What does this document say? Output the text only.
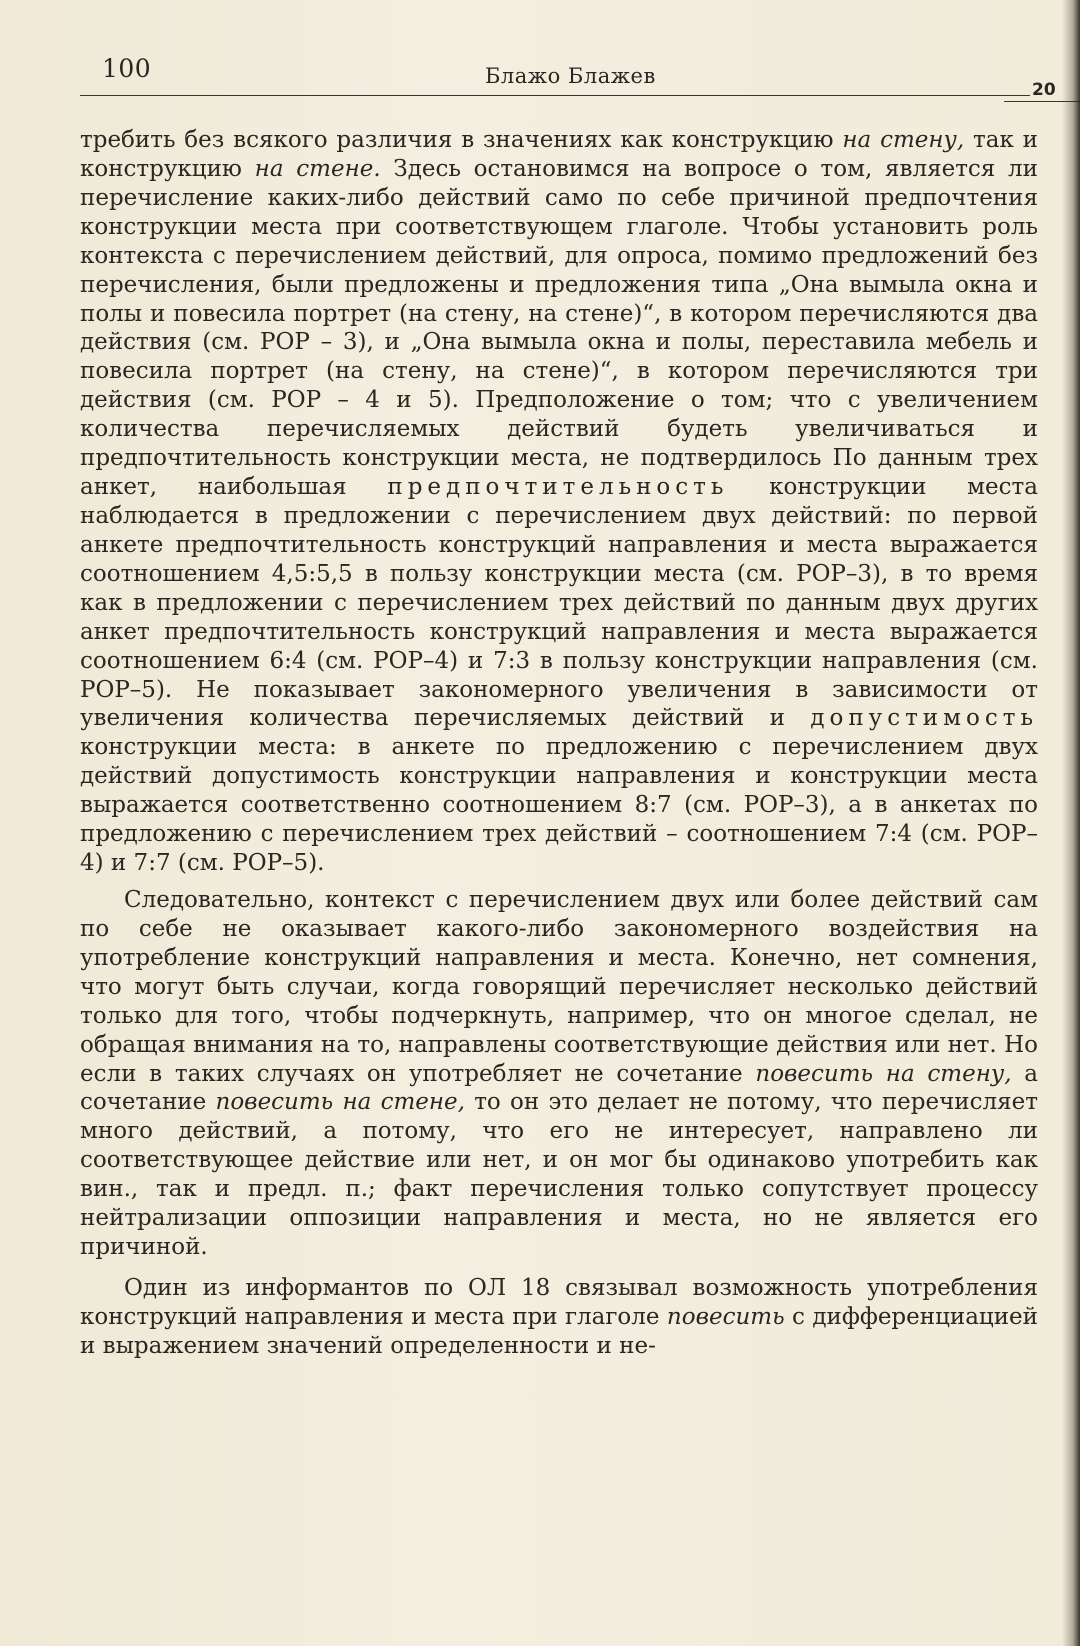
100	Блажо Блажев
20

требить без всякого различия в значениях как конструкцию на стену, так и конструкцию на стене. Здесь остановимся на вопросе о том, является ли перечисление каких-либо действий само по себе причиной предпочтения конструкции места при соответствующем глаголе. Чтобы установить роль контекста с перечислением действий, для опроса, помимо предложений без перечисления, были предложены и предложения типа „Она вымыла окна и полы и повесила портрет (на стену, на стене)“, в котором перечисляются два действия (см. РОР – 3), и „Она вымыла окна и полы, переставила мебель и повесила портрет (на стену, на стене)“, в котором перечисляются три действия (см. РОР – 4 и 5). Предположение о том; что с увеличением количества перечисляемых действий будеть увеличиваться и предпочтительность конструкции места, не подтвердилось По данным трех анкет, наибольшая предпочтительность конструкции места наблюдается в предложении с перечислением двух действий: по первой анкете предпочтительность конструкций направления и места выражается соотношением 4,5:5,5 в пользу конструкции места (см. РОР–3), в то время как в предложении с перечислением трех действий по данным двух других анкет предпочтительность конструкций направления и места выражается соотношением 6:4 (см. РОР–4) и 7:3 в пользу конструкции направления (см. РОР–5). Не показывает закономерного увеличения в зависимости от увеличения количества перечисляемых действий и допустимость конструкции места: в анкете по предложению с перечислением двух действий допустимость конструкции направления и конструкции места выражается соответственно соотношением 8:7 (см. РОР–3), а в анкетах по предложению с перечислением трех действий – соотношением 7:4 (см. РОР–4) и 7:7 (см. РОР–5).

Следовательно, контекст с перечислением двух или более действий сам по себе не оказывает какого-либо закономерного воздействия на употребление конструкций направления и места. Конечно, нет сомнения, что могут быть случаи, когда говорящий перечисляет несколько действий только для того, чтобы подчеркнуть, например, что он многое сделал, не обращая внимания на то, направлены соответствующие действия или нет. Но если в таких случаях он употребляет не сочетание повесить на стену, а сочетание повесить на стене, то он это делает не потому, что перечисляет много действий, а потому, что его не интересует, направлено ли соответствующее действие или нет, и он мог бы одинаково употребить как вин., так и предл. п.; факт перечисления только сопутствует процессу нейтрализации оппозиции направления и места, но не является его причиной.

Один из информантов по ОЛ 18 связывал возможность употребления конструкций направления и места при глаголе повесить с дифференциацией и выражением значений определенности и не-
